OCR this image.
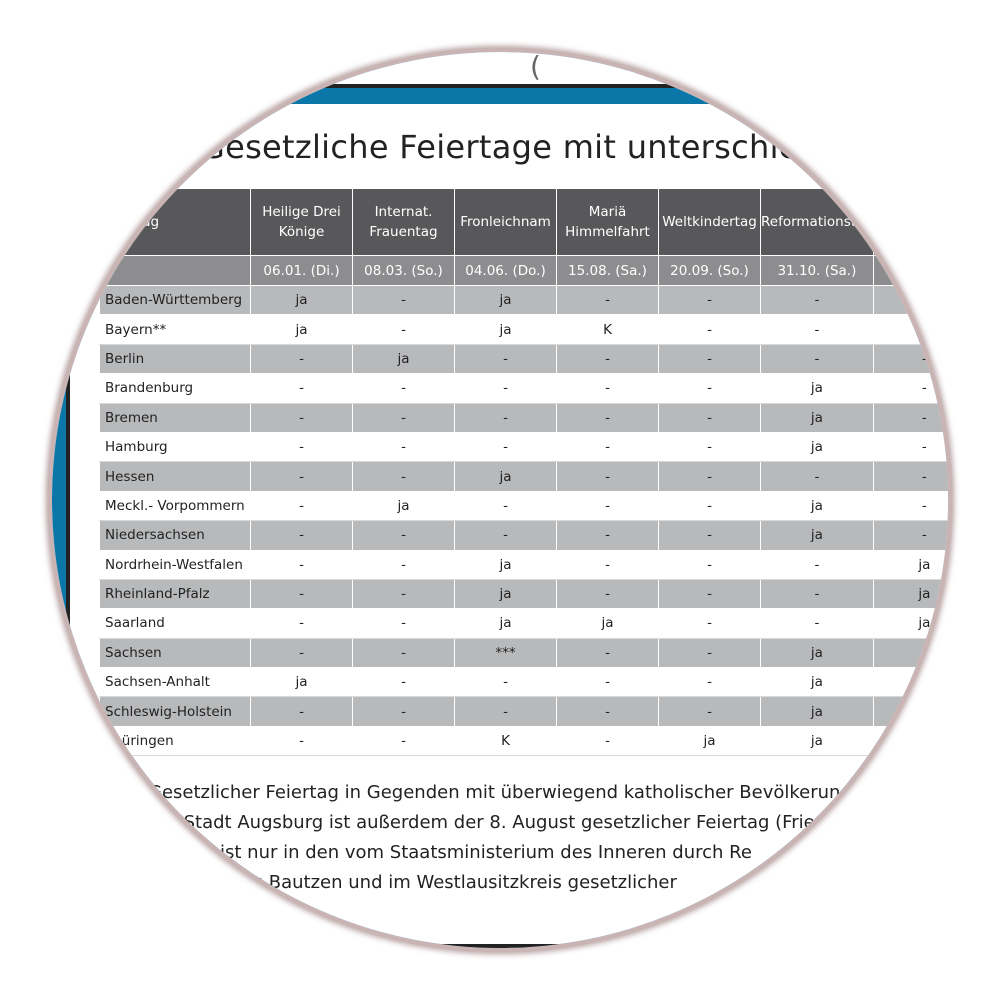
(
Gesetzliche Feiertage mit unterschiedlicher
Feiertag	Heilige Drei Könige	Internat. Frauentag	Fronleichnam	Mariä Himmelfahrt	Weltkindertag	Reformationstag	
	06.01. (Di.)	08.03. (So.)	04.06. (Do.)	15.08. (Sa.)	20.09. (So.)	31.10. (Sa.)	
Baden-Württemberg	ja	-	ja	-	-	-	
Bayern**	ja	-	ja	K	-	-	
Berlin	-	ja	-	-	-	-	-
Brandenburg	-	-	-	-	-	ja	-
Bremen	-	-	-	-	-	ja	-
Hamburg	-	-	-	-	-	ja	-
Hessen	-	-	ja	-	-	-	-
Meckl.- Vorpommern	-	ja	-	-	-	ja	-
Niedersachsen	-	-	-	-	-	ja	-
Nordrhein-Westfalen	-	-	ja	-	-	-	ja
Rheinland-Pfalz	-	-	ja	-	-	-	ja
Saarland	-	-	ja	ja	-	-	ja
Sachsen	-	-	***	-	-	ja	-
Sachsen-Anhalt	ja	-	-	-	-	ja	
Schleswig-Holstein	-	-	-	-	-	ja	
Thüringen	-	-	K	-	ja	ja	
Gesetzlicher Feiertag in Gegenden mit überwiegend katholischer Bevölkerung.
der Stadt Augsburg ist außerdem der 8. August gesetzlicher Feiertag (Fried
ichnam ist nur in den vom Staatsministerium des Inneren durch Re
im Landkreis Bautzen und im Westlausitzkreis gesetzlicher
